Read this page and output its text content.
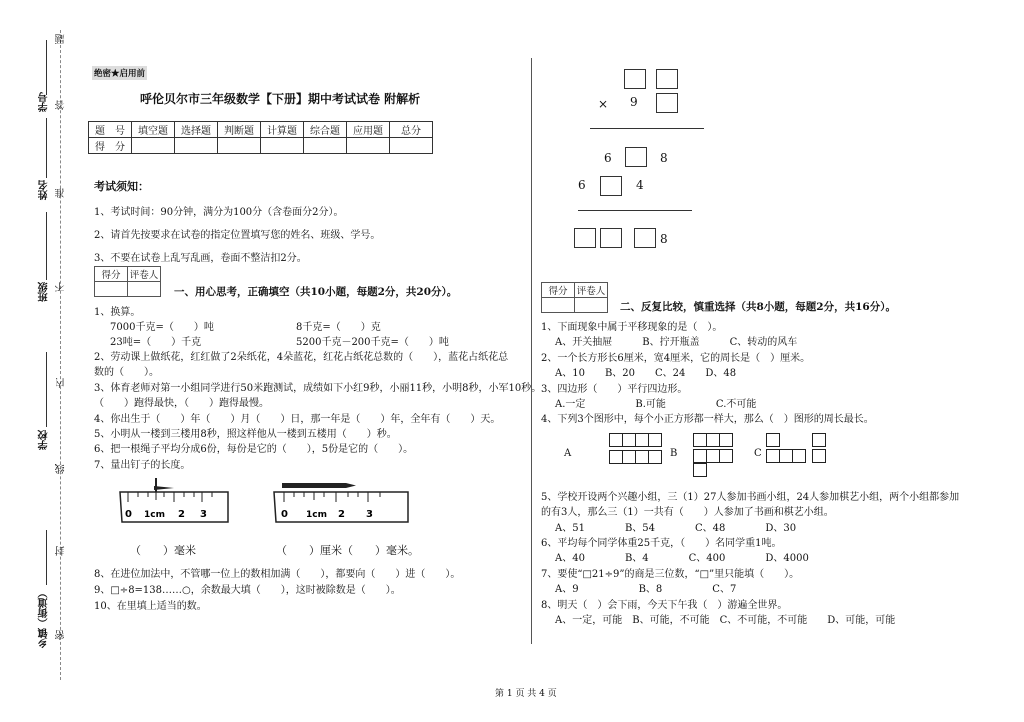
题
学号 答
姓名 准
班级 不
内
学校
线
封
乡镇（街道） 密
绝密★启用前
呼伦贝尔市三年级数学【下册】期中考试试卷 附解析
题　号	填空题	选择题	判断题	计算题	综合题	应用题	总分
得　分							
考试须知：
1、考试时间：90分钟，满分为100分（含卷面分2分）。
2、请首先按要求在试卷的指定位置填写您的姓名、班级、学号。
3、不要在试卷上乱写乱画，卷面不整洁扣2分。
得分	评卷人

一、用心思考，正确填空（共10小题，每题2分，共20分）。
1、换算。
7000千克=（　　）吨	8千克=（　　）克
23吨=（　　）千克	5200千克－200千克=（　　）吨
2、劳动课上做纸花，红红做了2朵纸花，4朵蓝花，红花占纸花总数的（　　），蓝花占纸花总
数的（　　）。
3、体育老师对第一小组同学进行50米跑测试，成绩如下小红9秒，小丽11秒，小明8秒，小军10秒。
（　　）跑得最快，（　　）跑得最慢。
4、你出生于（　　）年（　　）月（　　）日，那一年是（　　）年，全年有（　　）天。
5、小明从一楼到三楼用8秒，照这样他从一楼到五楼用（　　）秒。
6、把一根绳子平均分成6份，每份是它的（　　），5份是它的（　　）。
7、量出钉子的长度。
0 1cm 2 3
（　　）毫米
0 1cm 2 3
（　　）厘米（　　）毫米。
8、在进位加法中，不管哪一位上的数相加满（　　），都要向（　　）进（　　）。
9、□÷8=138……○，余数最大填（　　），这时被除数是（　　）。
10、在里填上适当的数。
× 9
6	8
6	4
8
得分	评卷人

二、反复比较，慎重选择（共8小题，每题2分，共16分）。
1、下面现象中属于平移现象的是（　）。
A、开关抽屉　　　B、拧开瓶盖　　　C、转动的风车
2、一个长方形长6厘米，宽4厘米，它的周长是（　）厘米。
A、10　　B、20　　C、24　　D、48
3、四边形（　　）平行四边形。
A.一定　　　　　B.可能　　　　　C.不可能
4、下列3个图形中，每个小正方形都一样大，那么（　）图形的周长最长。
A	B	C
5、学校开设两个兴趣小组，三（1）27人参加书画小组，24人参加棋艺小组，两个小组都参加
的有3人，那么三（1）一共有（　　）人参加了书画和棋艺小组。
A、51　　　　B、54　　　　C、48　　　　D、30
6、平均每个同学体重25千克，（　　）名同学重1吨。
A、40　　　　B、4　　　　C、400　　　　D、4000
7、要使“□21÷9”的商是三位数，“□”里只能填（　　）。
A、9　　　　　　B、8　　　　　C、7
8、明天（　）会下雨，今天下午我（　）游遍全世界。
A、一定，可能　B、可能，不可能　C、不可能，不可能　　D、可能，可能
第 1 页 共 4 页
